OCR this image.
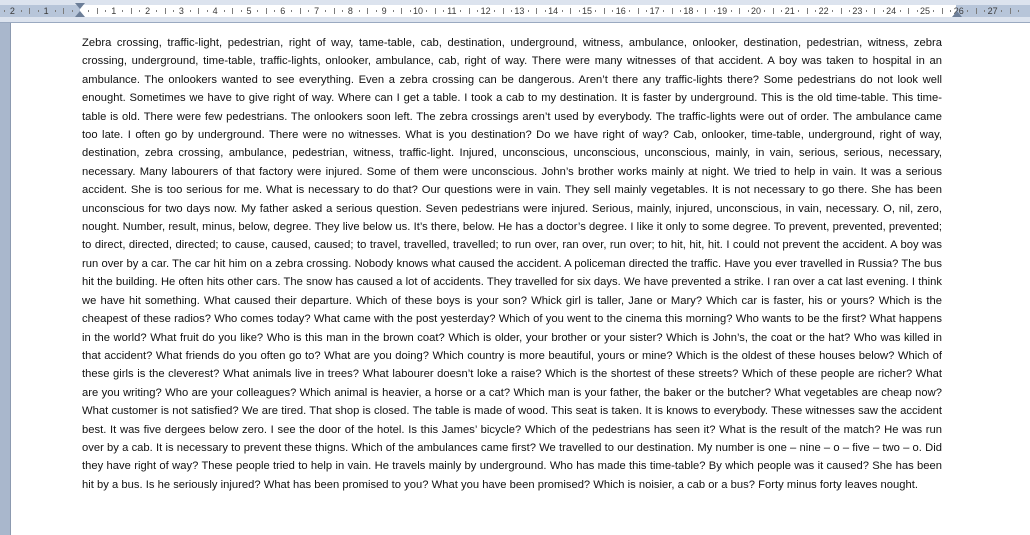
2	1	1	2	3	4	5	6	7	8	9	10	11	12	13	14	15	16	17	18	19	20	21	22	23	24	25	26	27

Zebra crossing, traffic-light, pedestrian, right of way, tame-table, cab, destination, underground, witness, ambulance, onlooker, destination, pedestrian, witness, zebra crossing, underground, time-table, traffic-lights, onlooker, ambulance, cab, right of way. There were many witnesses of that accident. A boy was taken to hospital in an ambulance. The onlookers wanted to see everything. Even a zebra crossing can be dangerous. Aren’t there any traffic-lights there? Some pedestrians do not look well enought. Sometimes we have to give right of way. Where can I get a table. I took a cab to my destination. It is faster by underground. This is the old time-table. This time-table is old. There were few pedestrians. The onlookers soon left. The zebra crossings aren’t used by everybody. The traffic-lights were out of order. The ambulance came too late. I often go by underground. There were no witnesses. What is you destination? Do we have right of way? Cab, onlooker, time-table, underground, right of way, destination, zebra crossing, ambulance, pedestrian, witness, traffic-light. Injured, unconscious, unconscious, unconscious, mainly, in vain, serious, serious, necessary, necessary. Many labourers of that factory were injured. Some of them were unconscious. John’s brother works mainly at night. We tried to help in vain. It was a serious accident. She is too serious for me. What is necessary to do that? Our questions were in vain. They sell mainly vegetables. It is not necessary to go there. She has been unconscious for two days now. My father asked a serious question. Seven pedestrians were injured. Serious, mainly, injured, unconscious, in vain, necessary. O, nil, zero, nought. Number, result, minus, below, degree. They live below us. It’s there, below. He has a doctor’s degree. I like it only to some degree. To prevent, prevented, prevented; to direct, directed, directed; to cause, caused, caused; to travel, travelled, travelled; to run over, ran over, run over; to hit, hit, hit. I could not prevent the accident. A boy was run over by a car. The car hit him on a zebra crossing. Nobody knows what caused the accident. A policeman directed the traffic. Have you ever travelled in Russia? The bus hit the building. He often hits other cars. The snow has caused a lot of accidents. They travelled for six days. We have prevented a strike. I ran over a cat last evening. I think we have hit something. What caused their departure. Which of these boys is your son? Whick girl is taller, Jane or Mary? Which car is faster, his or yours? Which is the cheapest of these radios? Who comes today? What came with the post yesterday? Which of you went to the cinema this morning? Who wants to be the first? What happens in the world? What fruit do you like? Who is this man in the brown coat? Which is older, your brother or your sister? Which is John’s, the coat or the hat? Who was killed in that accident? What friends do you often go to? What are you doing? Which country is more beautiful, yours or mine? Which is the oldest of these houses below? Which of these girls is the cleverest? What animals live in trees? What labourer doesn’t loke a raise? Which is the shortest of these streets? Which of these people are richer? What are you writing? Who are your colleagues? Which animal is heavier, a horse or a cat? Which man is your father, the baker or the butcher? What vegetables are cheap now? What customer is not satisfied? We are tired. That shop is closed. The table is made of wood. This seat is taken. It is knows to everybody. These witnesses saw the accident best. It was five dergees below zero. I see the door of the hotel. Is this James’ bicycle? Which of the pedestrians has seen it? What is the result of the match? He was run over by a cab. It is necessary to prevent these thigns. Which of the ambulances came first? We travelled to our destination. My number is one – nine – o – five – two – o. Did they have right of way? These people tried to help in vain. He travels mainly by underground. Who has made this time-table? By which people was it caused? She has been hit by a bus. Is he seriously injured? What has been promised to you? What you have been promised? Which is noisier, a cab or a bus? Forty minus forty leaves nought.
